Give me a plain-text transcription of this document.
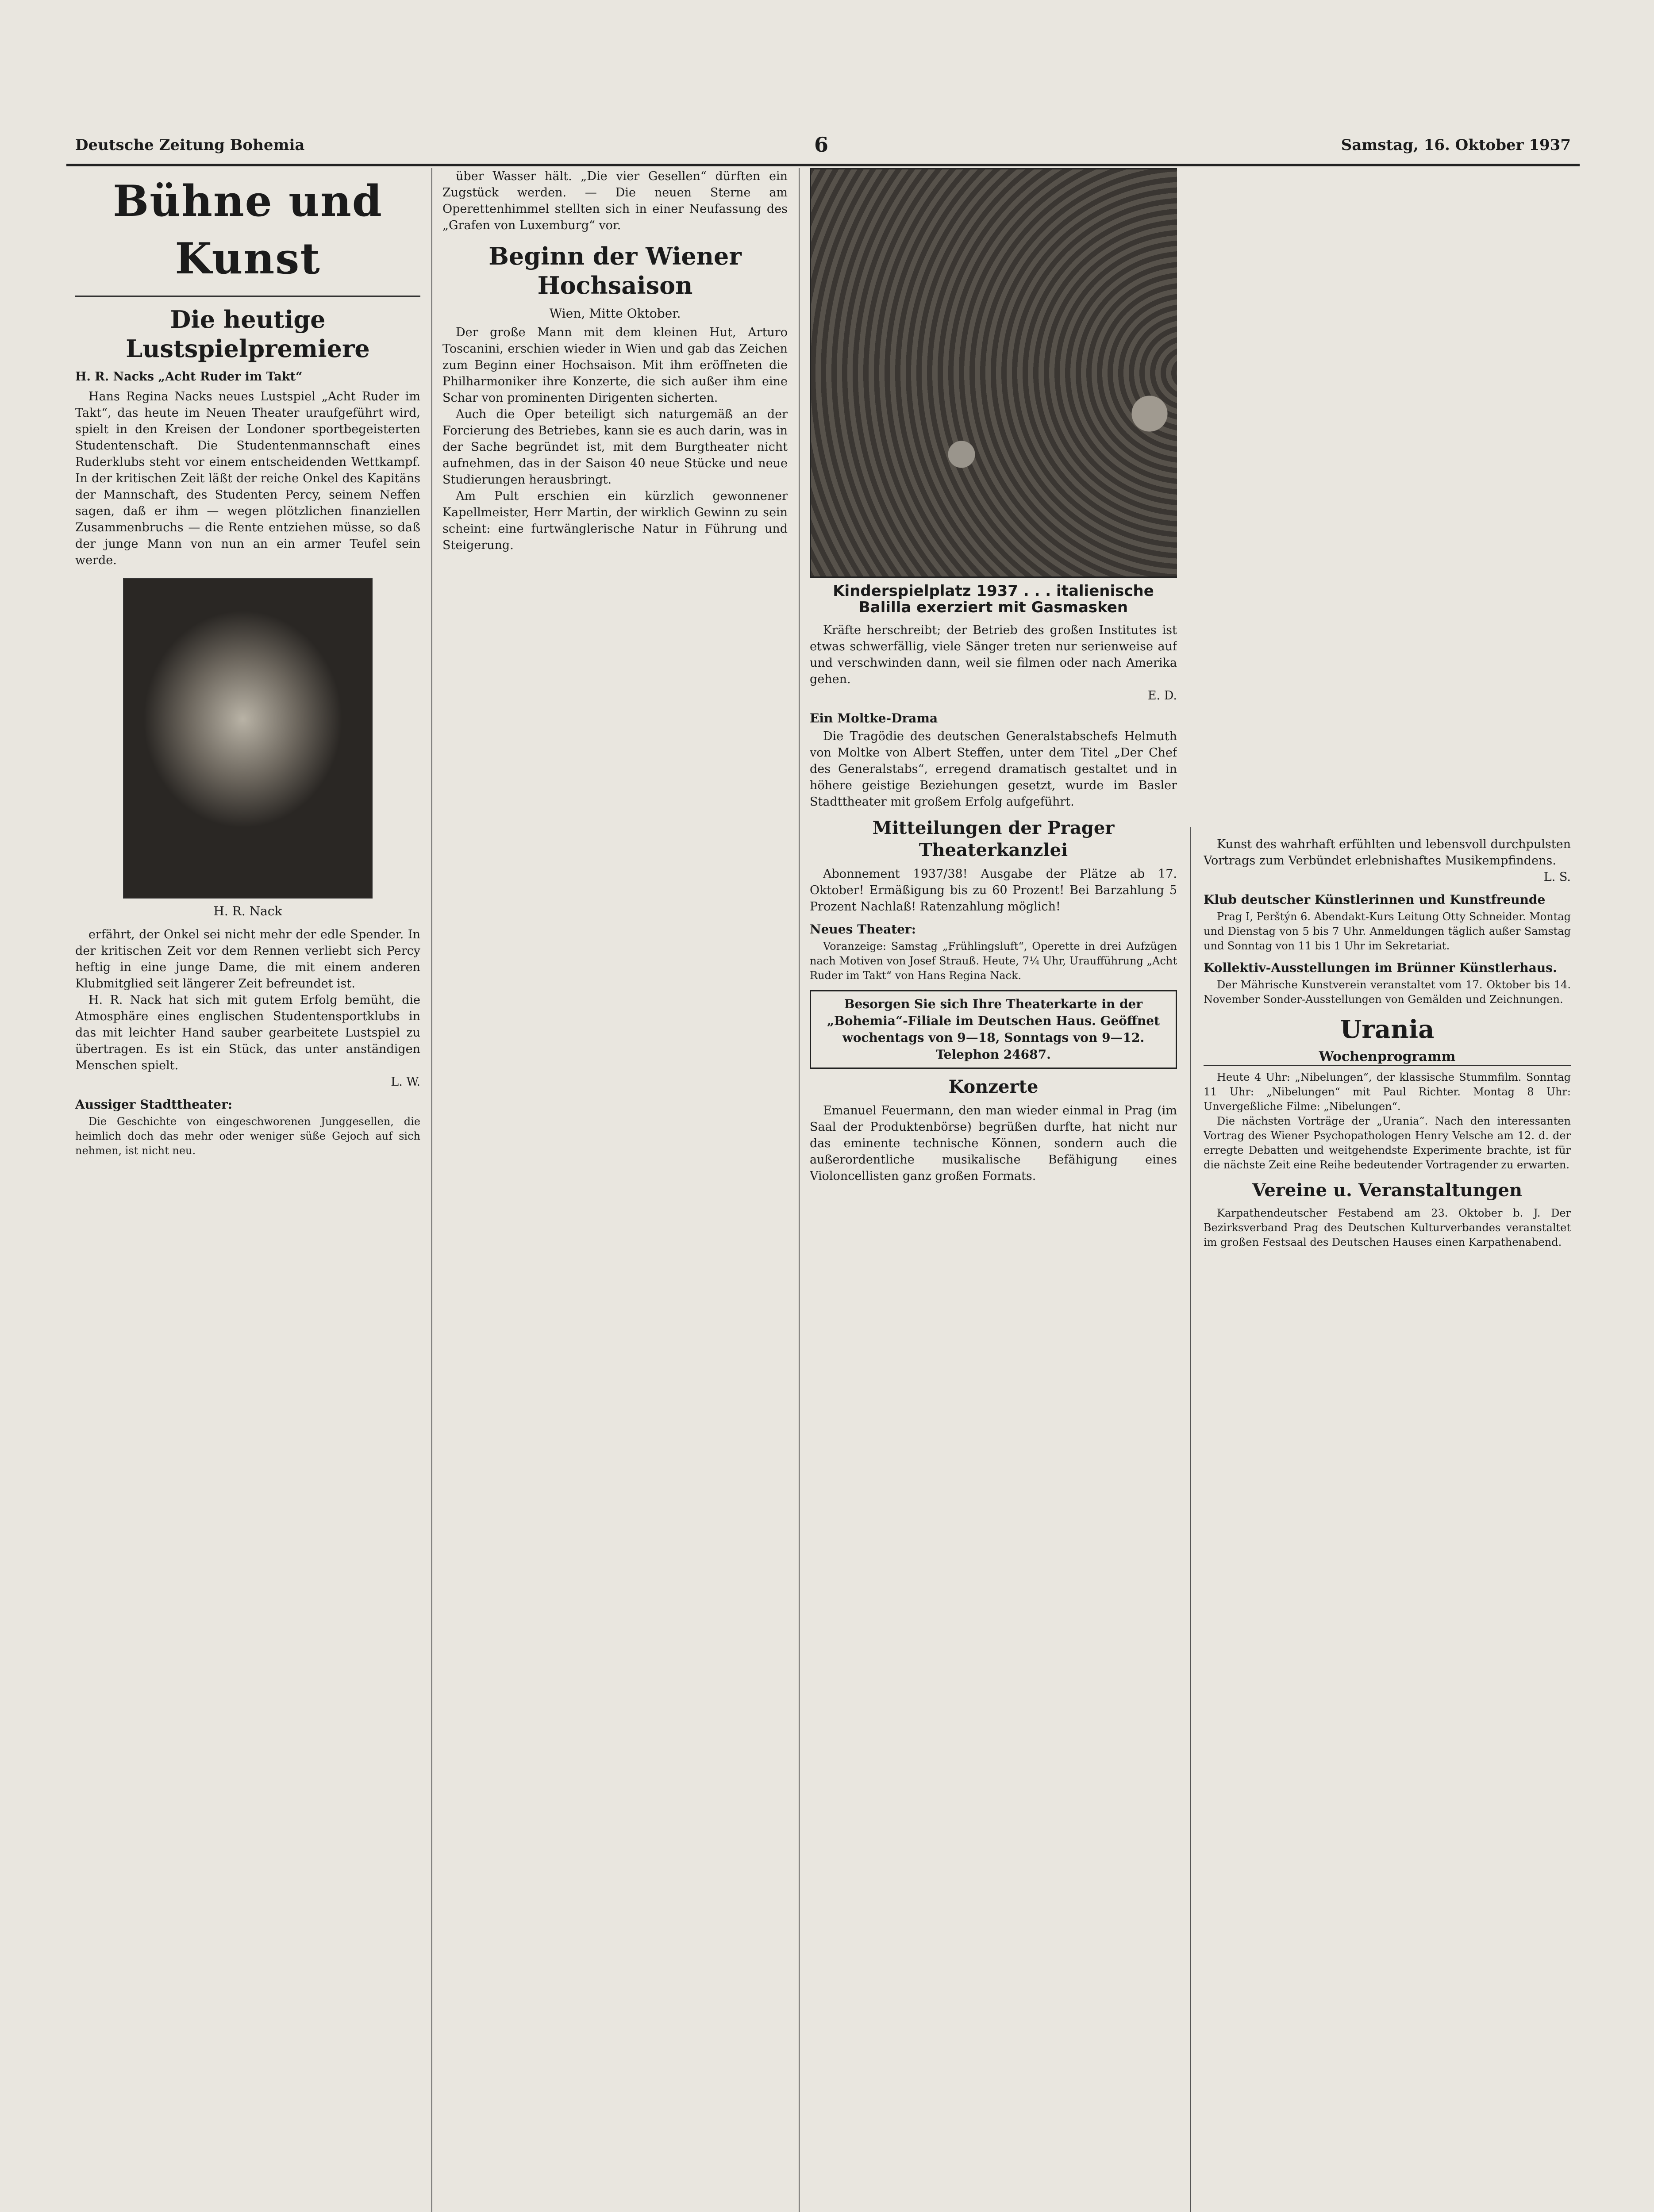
Deutsche Zeitung Bohemia	6	Samstag, 16. Oktober 1937
Bühne und Kunst
Die heutige Lustspielpremiere
H. R. Nacks „Acht Ruder im Takt“

Hans Regina Nacks neues Lustspiel „Acht Ruder im Takt“, das heute im Neuen Theater uraufgeführt wird, spielt in den Kreisen der Londoner sportbegeisterten Studentenschaft. Die Studentenmannschaft eines Ruderklubs steht vor einem entscheidenden Wettkampf. In der kritischen Zeit läßt der reiche Onkel des Kapitäns der Mannschaft, des Studenten Percy, seinem Neffen sagen, daß er ihm — wegen plötzlichen finanziellen Zusammenbruchs — die Rente entziehen müsse, so daß der junge Mann von nun an ein armer Teufel sein werde.

H. R. Nack

erfährt, der Onkel sei nicht mehr der edle Spender. In der kritischen Zeit vor dem Rennen verliebt sich Percy heftig in eine junge Dame, die mit einem anderen Klubmitglied seit längerer Zeit befreundet ist.

H. R. Nack hat sich mit gutem Erfolg bemüht, die Atmosphäre eines englischen Studentensportklubs in das mit leichter Hand sauber gearbeitete Lustspiel zu übertragen. Es ist ein Stück, das unter anständigen Menschen spielt.

L. W.
Aussiger Stadttheater:

Die Geschichte von eingeschworenen Junggesellen, die heimlich doch das mehr oder weniger süße Gejoch auf sich nehmen, ist nicht neu.

über Wasser hält. „Die vier Gesellen“ dürften ein Zugstück werden. — Die neuen Sterne am Operettenhimmel stellten sich in einer Neufassung des „Grafen von Luxemburg“ vor.

Beginn der Wiener Hochsaison
Wien, Mitte Oktober.

Der große Mann mit dem kleinen Hut, Arturo Toscanini, erschien wieder in Wien und gab das Zeichen zum Beginn einer Hochsaison. Mit ihm eröffneten die Philharmoniker ihre Konzerte, die sich außer ihm eine Schar von prominenten Dirigenten sicherten.

Auch die Oper beteiligt sich naturgemäß an der Forcierung des Betriebes, kann sie es auch darin, was in der Sache begründet ist, mit dem Burgtheater nicht aufnehmen, das in der Saison 40 neue Stücke und neue Studierungen herausbringt.

Am Pult erschien ein kürzlich gewonnener Kapellmeister, Herr Martin, der wirklich Gewinn zu sein scheint: eine furtwänglerische Natur in Führung und Steigerung.

Kinderspielplatz 1937 . . . italienische Balilla exerziert mit Gasmasken

Kräfte herschreibt; der Betrieb des großen Institutes ist etwas schwerfällig, viele Sänger treten nur serienweise auf und verschwinden dann, weil sie filmen oder nach Amerika gehen.

E. D.
Ein Moltke-Drama

Die Tragödie des deutschen Generalstabschefs Helmuth von Moltke von Albert Steffen, unter dem Titel „Der Chef des Generalstabs“, erregend dramatisch gestaltet und in höhere geistige Beziehungen gesetzt, wurde im Basler Stadttheater mit großem Erfolg aufgeführt.

Mitteilungen der Prager Theaterkanzlei

Abonnement 1937/38! Ausgabe der Plätze ab 17. Oktober! Ermäßigung bis zu 60 Prozent! Bei Barzahlung 5 Prozent Nachlaß! Ratenzahlung möglich!

Neues Theater:

Voranzeige: Samstag „Frühlingsluft“, Operette in drei Aufzügen nach Motiven von Josef Strauß. Heute, 7¼ Uhr, Uraufführung „Acht Ruder im Takt“ von Hans Regina Nack.

Besorgen Sie sich Ihre Theaterkarte in der „Bohemia“-Filiale im Deutschen Haus. Geöffnet wochentags von 9—18, Sonntags von 9—12. Telephon 24687.
Konzerte

Emanuel Feuermann, den man wieder einmal in Prag (im Saal der Produktenbörse) begrüßen durfte, hat nicht nur das eminente technische Können, sondern auch die außerordentliche musikalische Befähigung eines Violoncellisten ganz großen Formats.

Kunst des wahrhaft erfühlten und lebensvoll durchpulsten Vortrags zum Verbündet erlebnishaftes Musikempfindens.

L. S.
Klub deutscher Künstlerinnen und Kunstfreunde

Prag I, Perštýn 6. Abendakt-Kurs Leitung Otty Schneider. Montag und Dienstag von 5 bis 7 Uhr. Anmeldungen täglich außer Samstag und Sonntag von 11 bis 1 Uhr im Sekretariat.

Kollektiv-Ausstellungen im Brünner Künstlerhaus.

Der Mährische Kunstverein veranstaltet vom 17. Oktober bis 14. November Sonder-Ausstellungen von Gemälden und Zeichnungen.

Urania
Wochenprogramm

Heute 4 Uhr: „Nibelungen“, der klassische Stummfilm. Sonntag 11 Uhr: „Nibelungen“ mit Paul Richter. Montag 8 Uhr: Unvergeßliche Filme: „Nibelungen“.

Die nächsten Vorträge der „Urania“. Nach den interessanten Vortrag des Wiener Psychopathologen Henry Velsche am 12. d. der erregte Debatten und weitgehendste Experimente brachte, ist für die nächste Zeit eine Reihe bedeutender Vortragender zu erwarten.

Vereine u. Veranstaltungen

Karpathendeutscher Festabend am 23. Oktober b. J. Der Bezirksverband Prag des Deutschen Kulturverbandes veranstaltet im großen Festsaal des Deutschen Hauses einen Karpathenabend.
